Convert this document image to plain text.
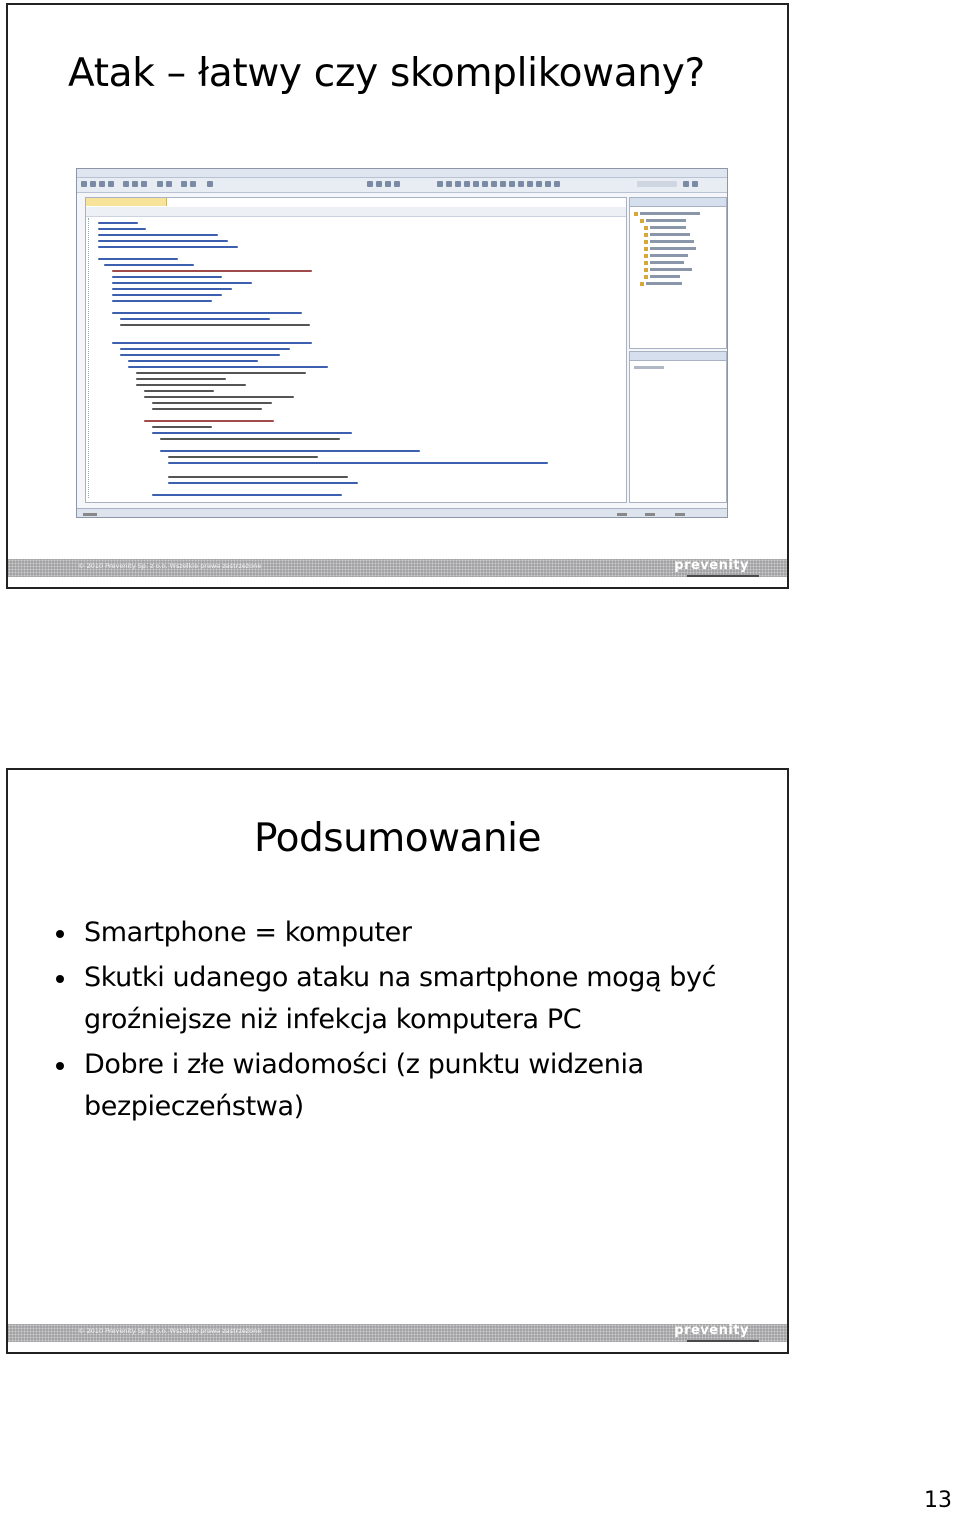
Atak – łatwy czy skomplikowany?
© 2010 Prevenity Sp. z o.o. Wszelkie prawa zastrzeżone	prevenity
Podsumowanie
Smartphone = komputer
Skutki udanego ataku na smartphone mogą być groźniejsze niż infekcja komputera PC
Dobre i złe wiadomości (z punktu widzenia bezpieczeństwa)
© 2010 Prevenity Sp. z o.o. Wszelkie prawa zastrzeżone	prevenity
13
